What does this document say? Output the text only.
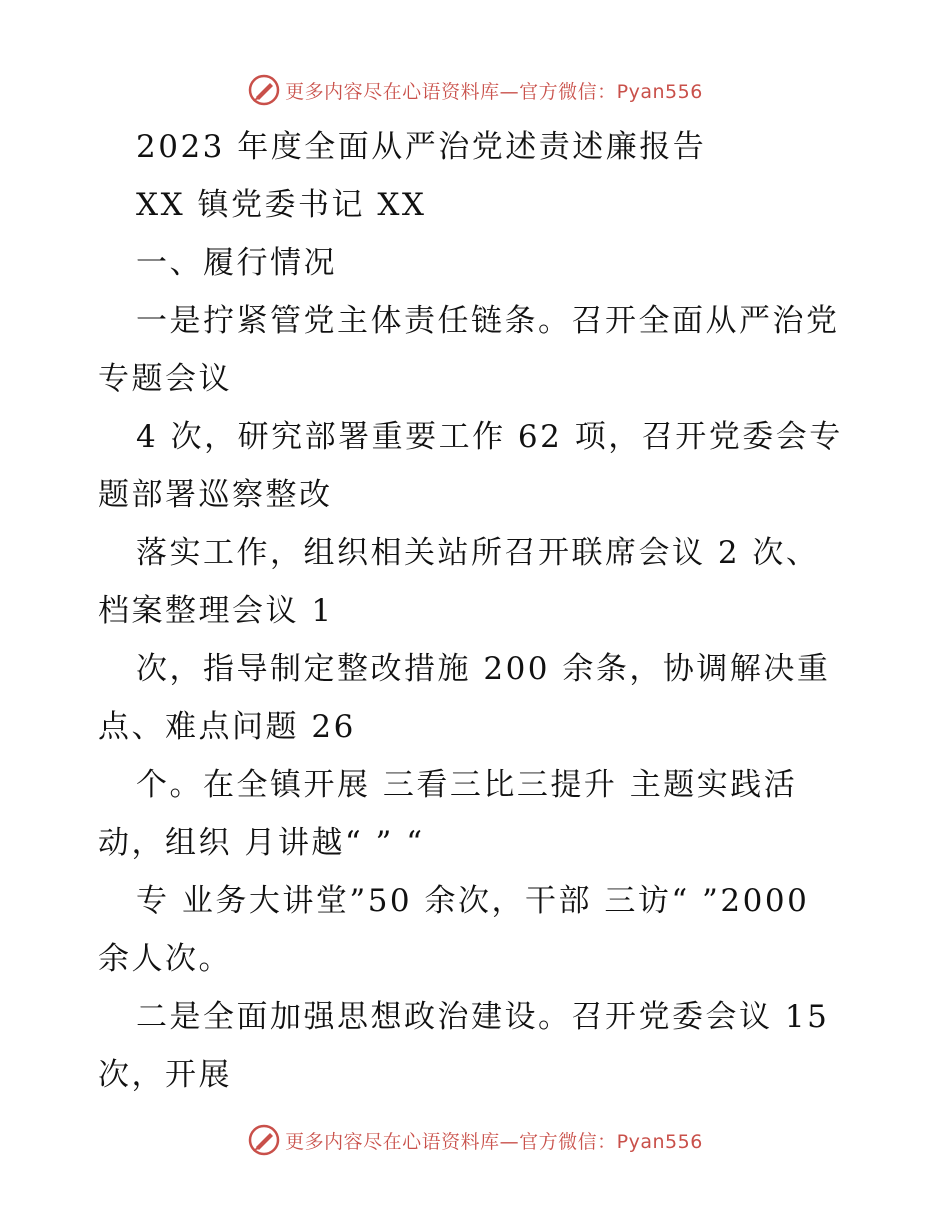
更多内容尽在心语资料库—官方微信：Pyan556
2023 年度全面从严治党述责述廉报告
XX 镇党委书记 XX
一、履行情况
一是拧紧管党主体责任链条。召开全面从严治党
专题会议
4 次，研究部署重要工作 62 项，召开党委会专
题部署巡察整改
落实工作，组织相关站所召开联席会议 2 次、
档案整理会议 1
次，指导制定整改措施 200 余条，协调解决重
点、难点问题 26
个。在全镇开展 三看三比三提升 主题实践活
动，组织 月讲越“ ” “
专 业务大讲堂”50 余次，干部 三访“ ”2000
余人次。
二是全面加强思想政治建设。召开党委会议 15
次，开展
更多内容尽在心语资料库—官方微信：Pyan556
